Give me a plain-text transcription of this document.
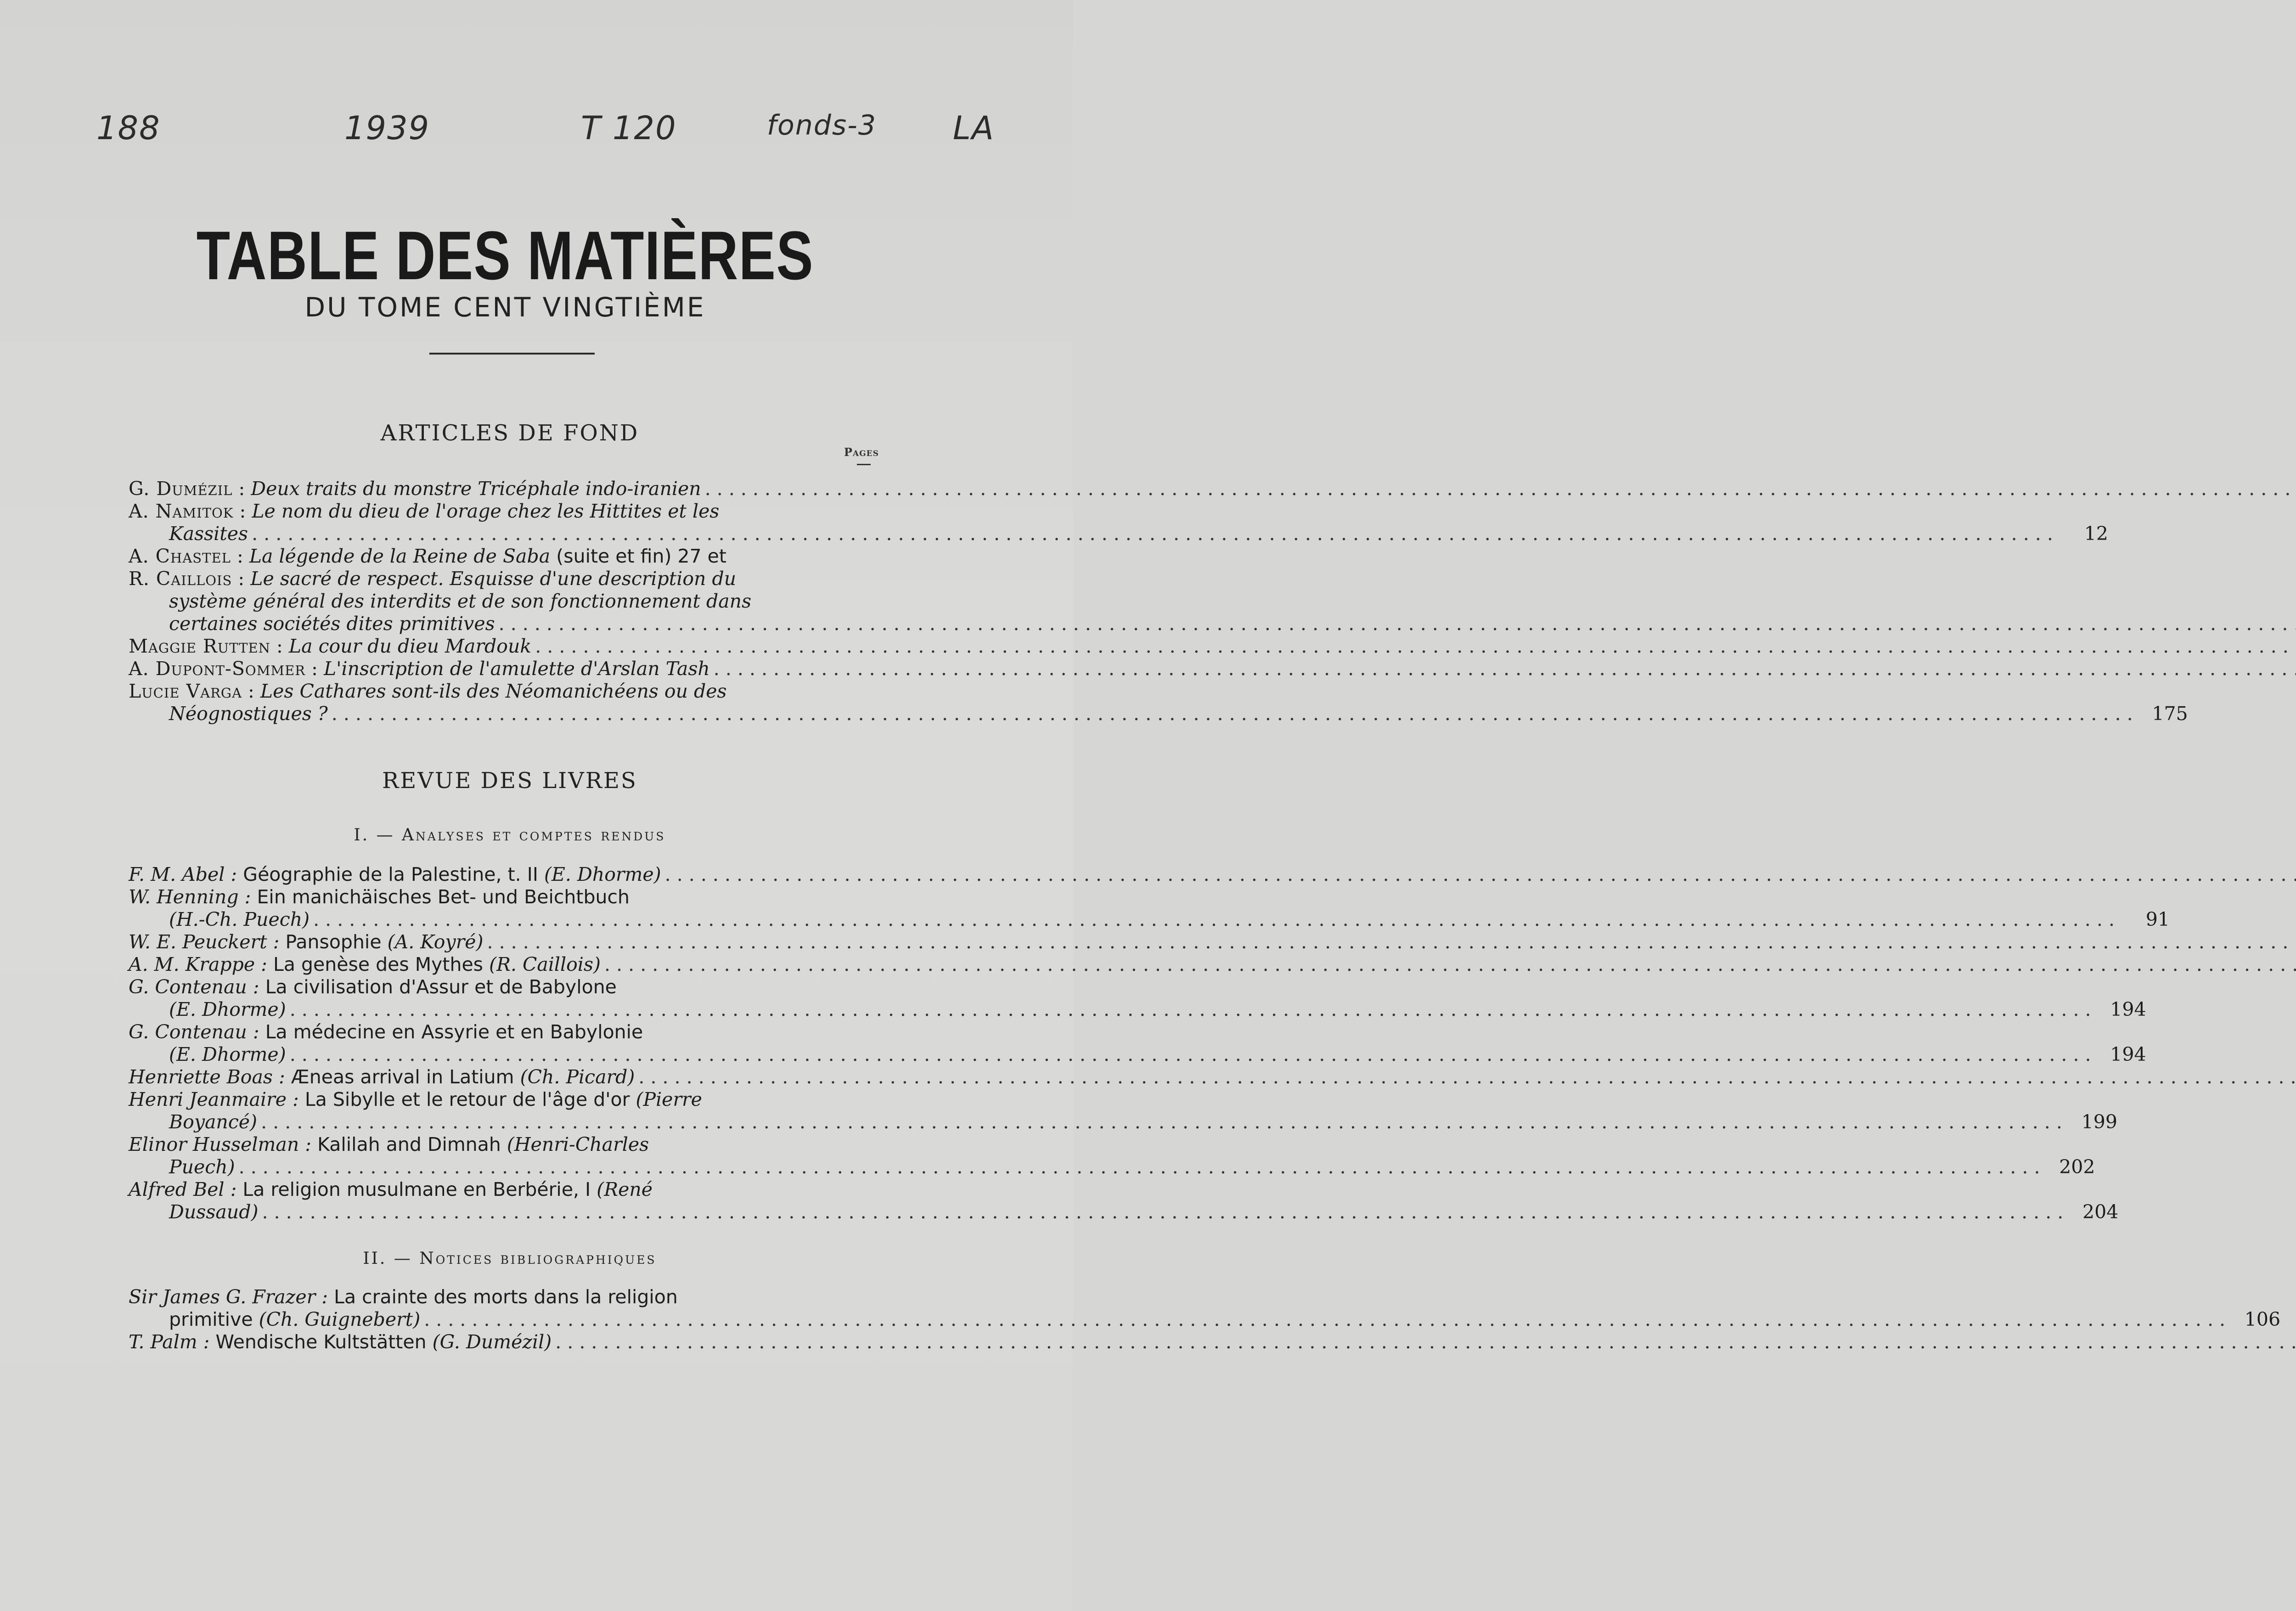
188	1939	T 120	fonds-3 LA
TABLE DES MATIÈRES
DU TOME CENT VINGTIÈME
ARTICLES DE FOND
Pages
G. Dumézil : Deux traits du monstre Tricéphale indo-iranien
. . .
A. Namitok : Le nom du dieu de l'orage chez les Hittites et les
Kassites . . .	12
A. Chastel : La légende de la Reine de Saba (suite et fin) 27 et
R. Caillois : Le sacré de respect. Esquisse d'une description du
système général des interdits et de son fonctionnement dans
certaines sociétés dites primitives
. . .
Maggie Rutten : La cour du dieu Mardouk
. . .
A. Dupont-Sommer : L'inscription de l'amulette d'Arslan Tash
. . .
Lucie Varga : Les Cathares sont-ils des Néomanichéens ou des
Néognostiques ? . . .	175
REVUE DES LIVRES
I. — Analyses et comptes rendus
F. M. Abel : Géographie de la Palestine, t. II (E. Dhorme)
. . .
W. Henning : Ein manichäisches Bet- und Beichtbuch
(H.-Ch. Puech) . . .	91
W. E. Peuckert : Pansophie (A. Koyré)
. . .
A. M. Krappe : La genèse des Mythes (R. Caillois)
. . .
G. Contenau : La civilisation d'Assur et de Babylone
(E. Dhorme) . . .	194
G. Contenau : La médecine en Assyrie et en Babylonie
(E. Dhorme) . . .	194
Henriette Boas : Æneas arrival in Latium (Ch. Picard)
. . .
Henri Jeanmaire : La Sibylle et le retour de l'âge d'or (Pierre
Boyancé) . . .	199
Elinor Husselman : Kalilah and Dimnah (Henri-Charles
Puech) . . .	202
Alfred Bel : La religion musulmane en Berbérie, I (René
Dussaud) . . .	204
II. — Notices bibliographiques
Sir James G. Frazer : La crainte des morts dans la religion
primitive (Ch. Guignebert) . . .	106
T. Palm : Wendische Kultstätten (G. Dumézil)
. . .
